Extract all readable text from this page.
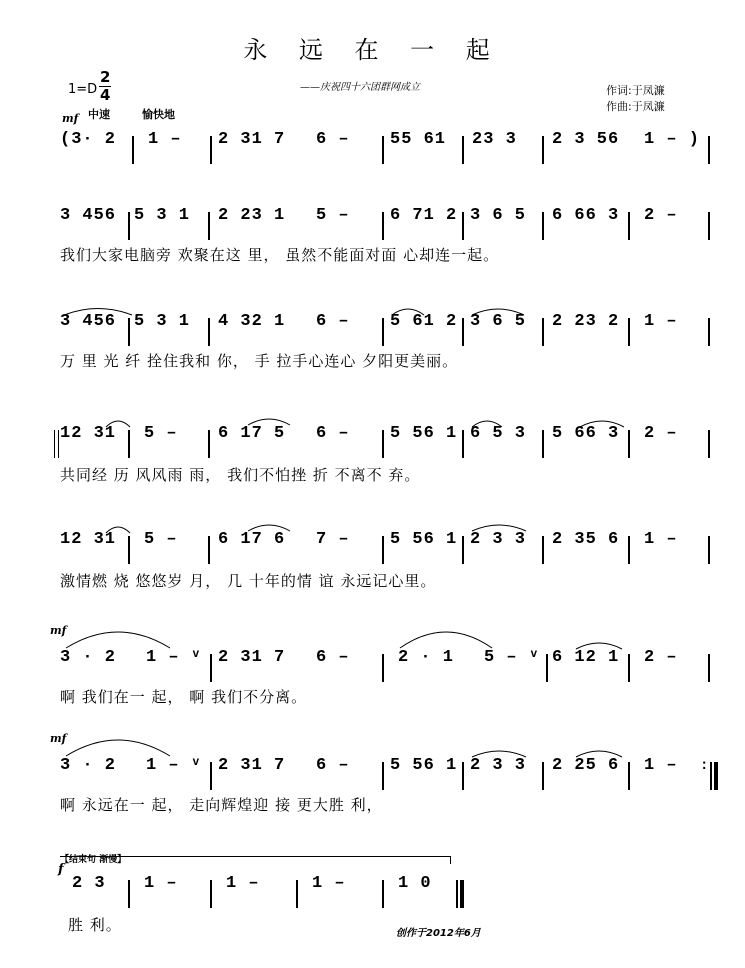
永 远 在 一 起
——庆祝四十六团群网成立	作词:于凤濂
作曲:于凤濂
1=D
2
4
中速	愉快地
mf
mf
mf
(3· 2 1 – 2 31 7 6 – 55 61 23 3 2 3 56 1 – )
3 456 5 3 1 2 23 1 5 – 6 71 2 3 6 5 6 66 3 2 –
我们大家电脑旁 欢聚在这 里， 虽然不能面对面 心却连一起。
3 456 5 3 1 4 32 1 6 – 5 61 2 3 6 5 2 23 2 1 –
万 里 光 纤 拴住我和 你， 手 拉手心连心 夕阳更美丽。
12 31 5 – 6 17 5 6 – 5 56 1 6 5 3 5 66 3 2 –
共同经 历 风风雨 雨， 我们不怕挫 折 不离不 弃。
12 31 5 – 6 17 6 7 – 5 56 1 2 3 3 2 35 6 1 –
激情燃 烧 悠悠岁 月， 几 十年的情 谊 永远记心里。
3 · 2 1 – ᵛ 2 31 7 6 –	2 · 1 5 – ᵛ 6 12 1 2 –
啊 我们在一 起， 啊 我们不分离。
3 · 2 1 – ᵛ 2 31 7 6 – 5 56 1 2 3 3 2 25 6 1 – :
啊 永远在一 起， 走向辉煌迎 接 更大胜 利，
【结束句 渐慢】
f
2 3 1 –	1 –	1 –	1 0
胜 利。	创作于2012年6月
